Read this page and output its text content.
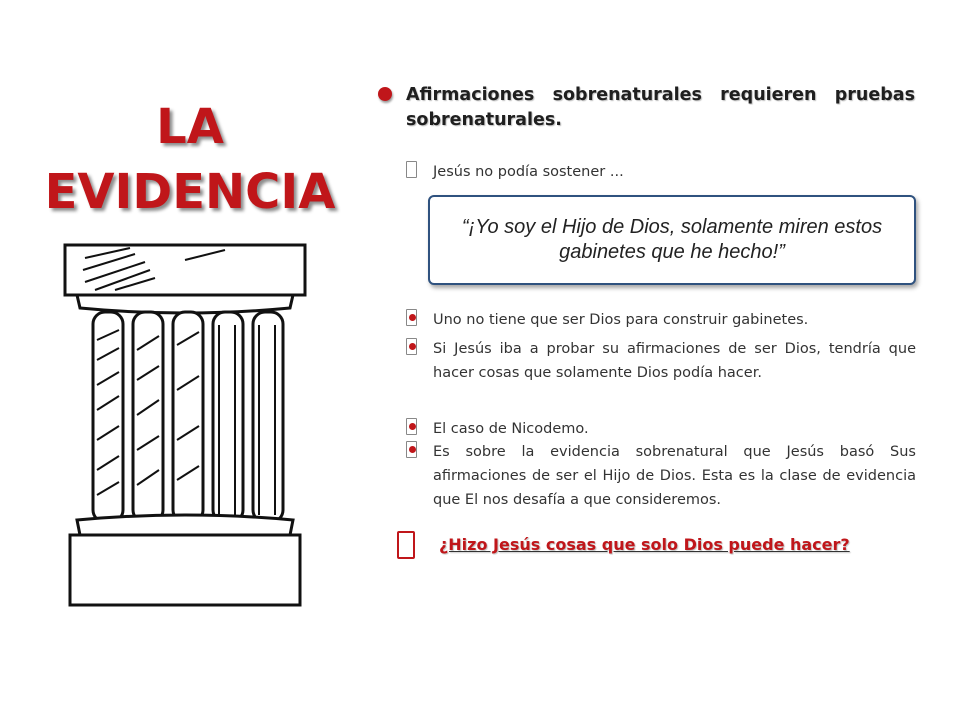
LA
EVIDENCIA
Afirmaciones sobrenaturales requieren pruebas sobrenaturales.
Jesús no podía sostener ...
“¡Yo soy el Hijo de Dios, solamente miren estos gabinetes que he hecho!”
Uno no tiene que ser Dios para construir gabinetes.
Si Jesús iba a probar su afirmaciones de ser Dios, tendría que hacer cosas que solamente Dios podía hacer.
El caso de Nicodemo.
Es sobre la evidencia sobrenatural que Jesús basó Sus afirmaciones de ser el Hijo de Dios. Esta es la clase de evidencia que El nos desafía a que consideremos.
¿Hizo Jesús cosas que solo Dios puede hacer?
